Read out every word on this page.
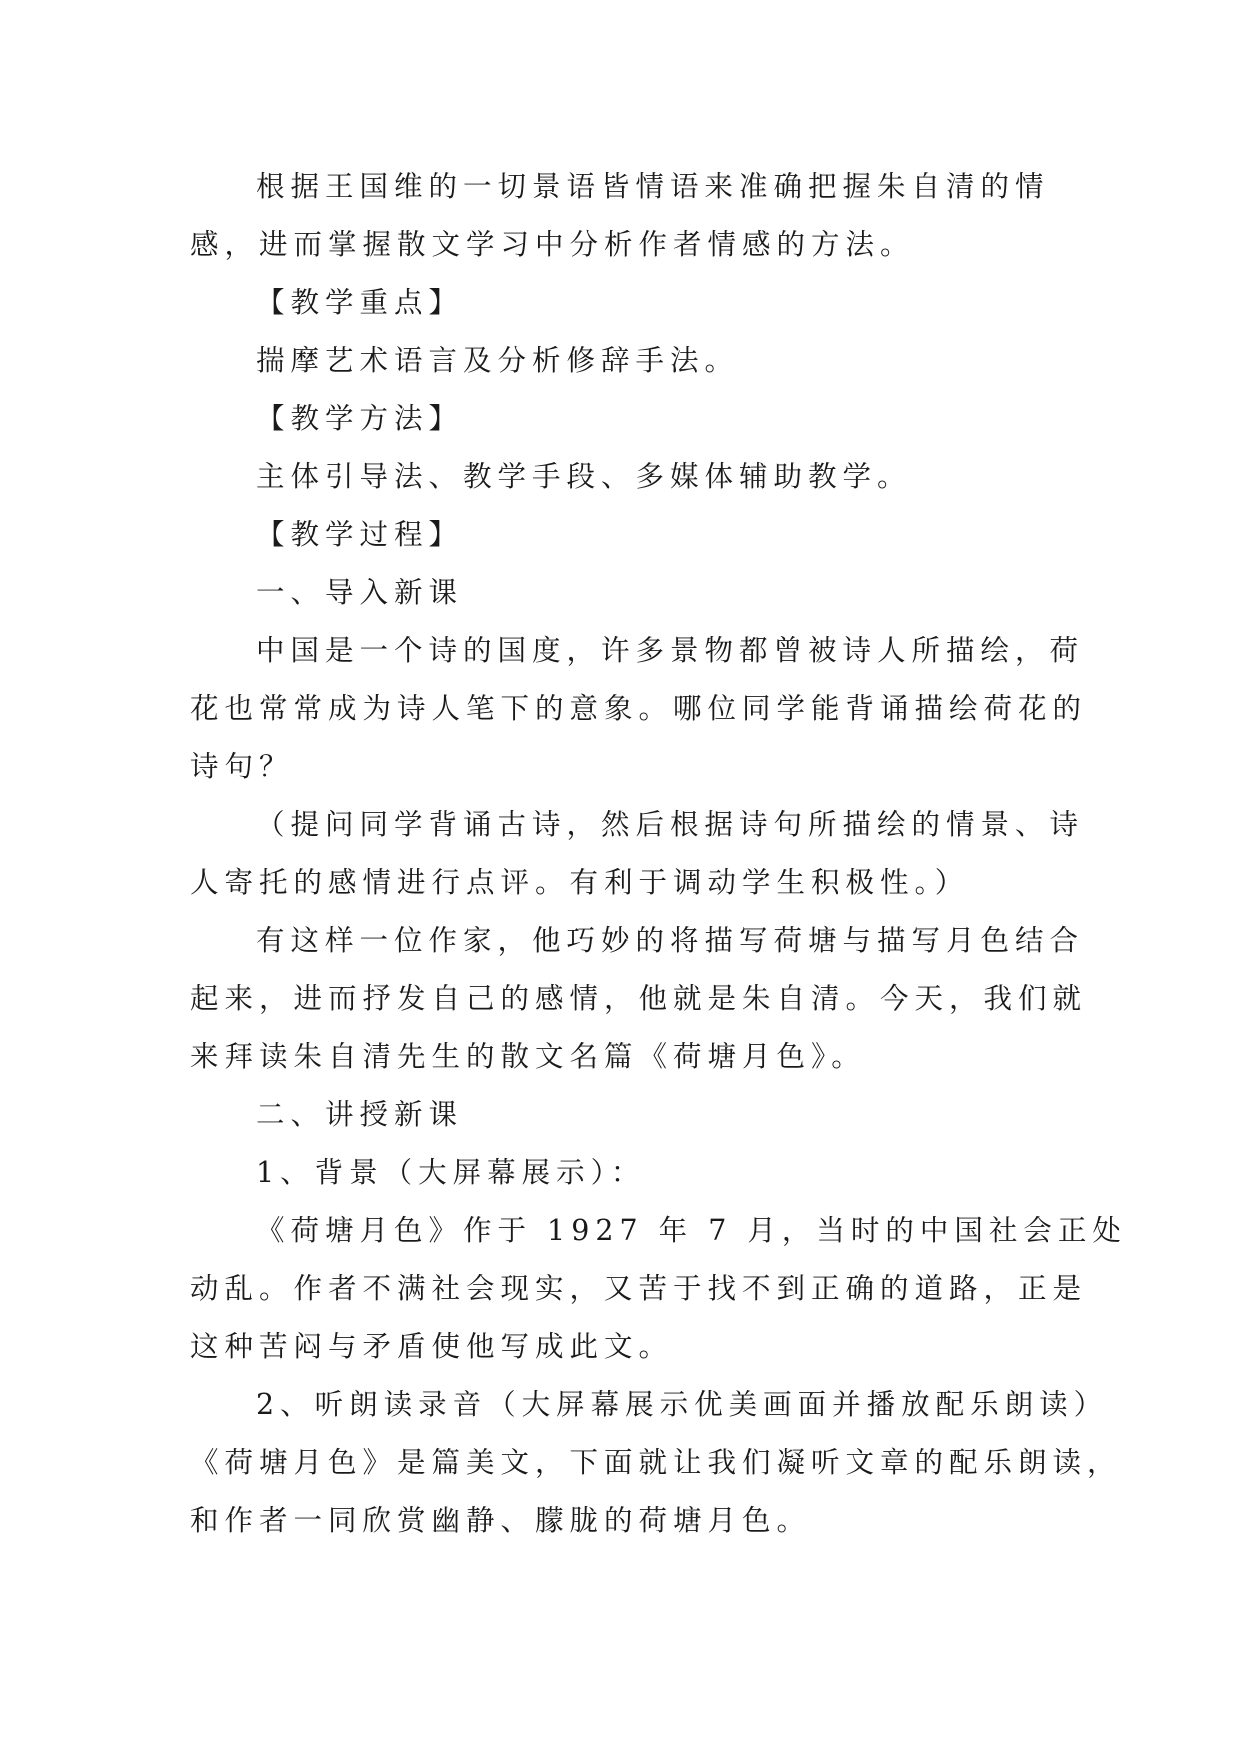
根据王国维的一切景语皆情语来准确把握朱自清的情
感，进而掌握散文学习中分析作者情感的方法。

【教学重点】

揣摩艺术语言及分析修辞手法。

【教学方法】

主体引导法、教学手段、多媒体辅助教学。

【教学过程】

一、导入新课

中国是一个诗的国度，许多景物都曾被诗人所描绘，荷
花也常常成为诗人笔下的意象。哪位同学能背诵描绘荷花的
诗句？

（提问同学背诵古诗，然后根据诗句所描绘的情景、诗
人寄托的感情进行点评。有利于调动学生积极性。）

有这样一位作家，他巧妙的将描写荷塘与描写月色结合
起来，进而抒发自己的感情，他就是朱自清。今天，我们就
来拜读朱自清先生的散文名篇《荷塘月色》。

二、讲授新课

1、背景（大屏幕展示）：

《荷塘月色》作于 1927 年 7 月，当时的中国社会正处
动乱。作者不满社会现实，又苦于找不到正确的道路，正是
这种苦闷与矛盾使他写成此文。

2、听朗读录音（大屏幕展示优美画面并播放配乐朗读）
《荷塘月色》是篇美文，下面就让我们凝听文章的配乐朗读，
和作者一同欣赏幽静、朦胧的荷塘月色。
